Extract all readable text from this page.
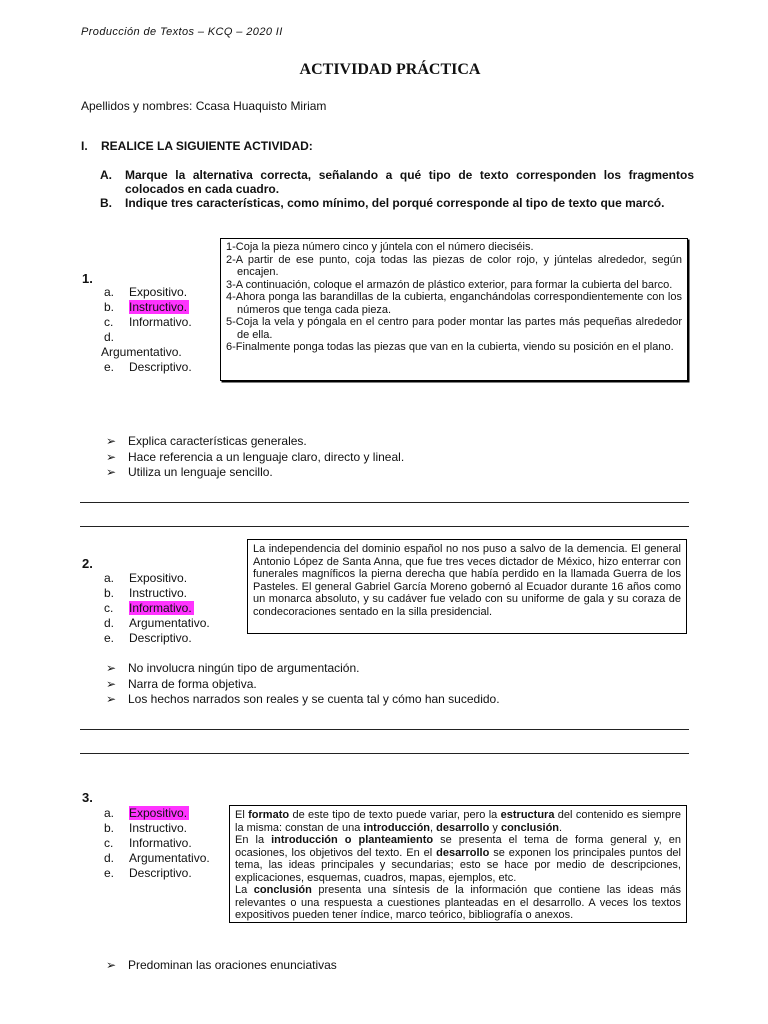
Producción de Textos – KCQ – 2020 II
ACTIVIDAD PRÁCTICA
Apellidos y nombres: Ccasa Huaquisto Miriam
I. REALICE LA SIGUIENTE ACTIVIDAD:
A. Marque la alternativa correcta, señalando a qué tipo de texto corresponden los fragmentos colocados en cada cuadro.
B. Indique tres características, como mínimo, del porqué corresponde al tipo de texto que marcó.
1.
a. Expositivo.
b. Instructivo.
c. Informativo.
d.
Argumentativo.
e. Descriptivo.
1-Coja la pieza número cinco y júntela con el número dieciséis.
2-A partir de ese punto, coja todas las piezas de color rojo, y júntelas alrededor, según encajen.
3-A continuación, coloque el armazón de plástico exterior, para formar la cubierta del barco.
4-Ahora ponga las barandillas de la cubierta, enganchándolas correspondientemente con los números que tenga cada pieza.
5-Coja la vela y póngala en el centro para poder montar las partes más pequeñas alrededor de ella.
6-Finalmente ponga todas las piezas que van en la cubierta, viendo su posición en el plano.
➢ Explica características generales.
➢ Hace referencia a un lenguaje claro, directo y lineal.
➢ Utiliza un lenguaje sencillo.
2.
a. Expositivo.
b. Instructivo.
c. Informativo.
d. Argumentativo.
e. Descriptivo.
La independencia del dominio español no nos puso a salvo de la demencia. El general Antonio López de Santa Anna, que fue tres veces dictador de México, hizo enterrar con funerales magníficos la pierna derecha que había perdido en la llamada Guerra de los Pasteles. El general Gabriel García Moreno gobernó al Ecuador durante 16 años como un monarca absoluto, y su cadáver fue velado con su uniforme de gala y su coraza de condecoraciones sentado en la silla presidencial.
➢ No involucra ningún tipo de argumentación.
➢ Narra de forma objetiva.
➢ Los hechos narrados son reales y se cuenta tal y cómo han sucedido.
3.
a. Expositivo.
b. Instructivo.
c. Informativo.
d. Argumentativo.
e. Descriptivo.
El formato de este tipo de texto puede variar, pero la estructura del contenido es siempre la misma: constan de una introducción, desarrollo y conclusión.
En la introducción o planteamiento se presenta el tema de forma general y, en ocasiones, los objetivos del texto. En el desarrollo se exponen los principales puntos del tema, las ideas principales y secundarias; esto se hace por medio de descripciones, explicaciones, esquemas, cuadros, mapas, ejemplos, etc.
La conclusión presenta una síntesis de la información que contiene las ideas más relevantes o una respuesta a cuestiones planteadas en el desarrollo. A veces los textos expositivos pueden tener índice, marco teórico, bibliografía o anexos.
➢ Predominan las oraciones enunciativas
